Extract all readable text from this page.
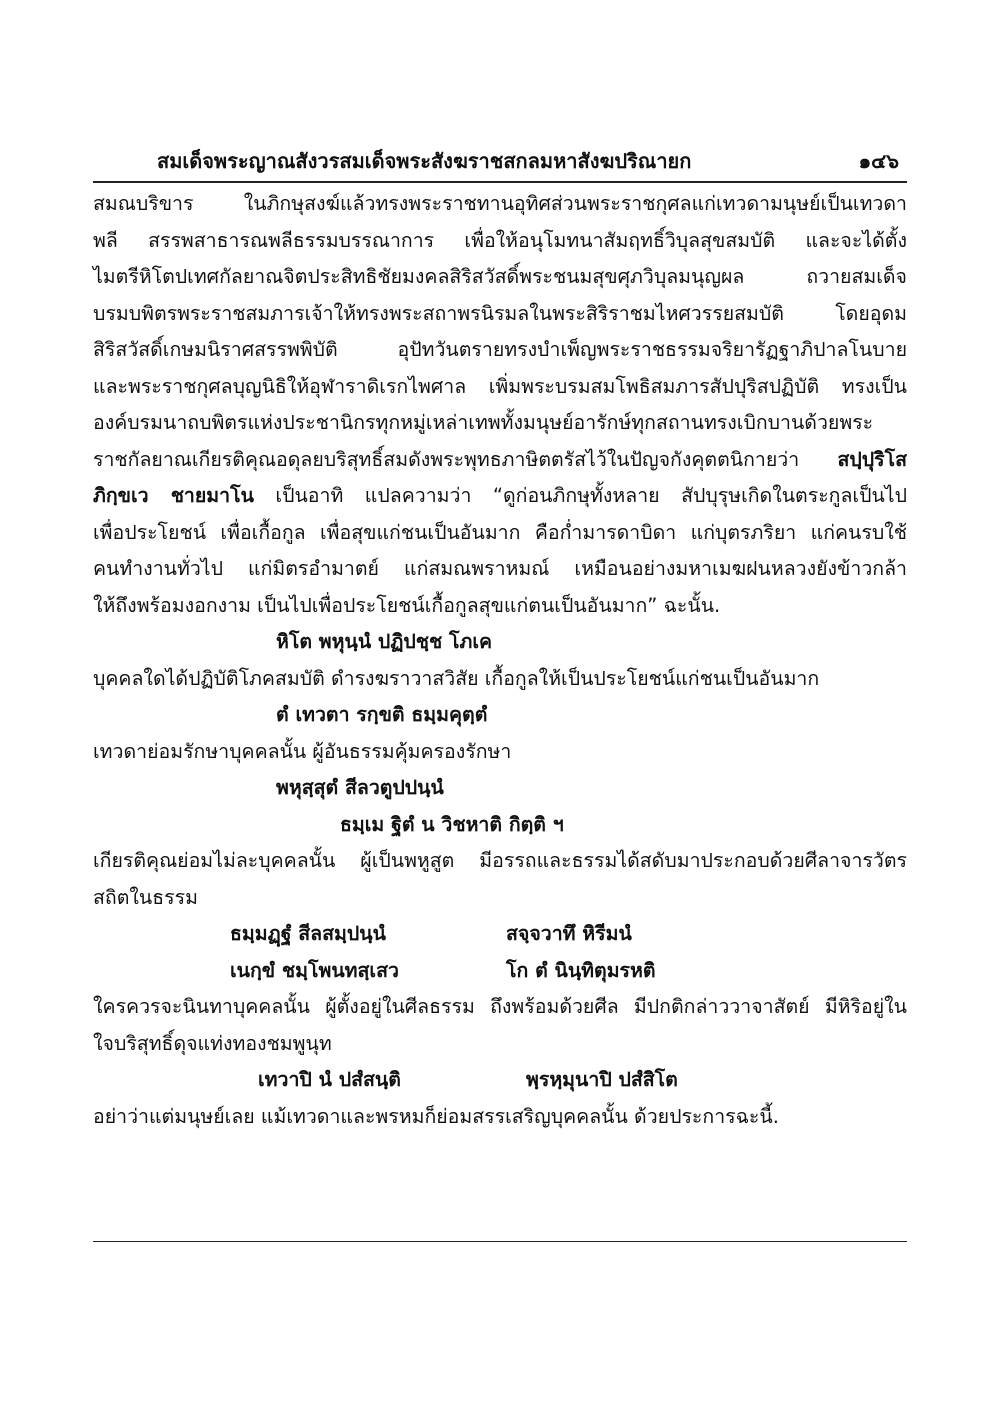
สมเด็จพระญาณสังวรสมเด็จพระสังฆราชสกลมหาสังฆปริณายก	๑๔๖

สมณบริขาร ในภิกษุสงฆ์แล้วทรงพระราชทานอุทิศส่วนพระราชกุศลแก่เทวดามนุษย์เป็นเทวดา

พลี สรรพสาธารณพลีธรรมบรรณาการ เพื่อให้อนุโมทนาสัมฤทธิ์วิบุลสุขสมบัติ และจะได้ตั้ง

ไมตรีหิโตปเทศกัลยาณจิตประสิทธิชัยมงคลสิริสวัสดิ์พระชนมสุขศุภวิบุลมนุญผล ถวายสมเด็จ

บรมบพิตรพระราชสมภารเจ้าให้ทรงพระสถาพรนิรมลในพระสิริราชมไหศวรรยสมบัติ โดยอุดม

สิริสวัสดิ์เกษมนิราศสรรพพิบัติ อุปัทวันตรายทรงบำเพ็ญพระราชธรรมจริยารัฏฐาภิปาลโนบาย

และพระราชกุศลบุญนิธิให้อุฬาราดิเรกไพศาล เพิ่มพระบรมสมโพธิสมภารสัปปุริสปฏิบัติ ทรงเป็น

องค์บรมนาถบพิตรแห่งประชานิกรทุกหมู่เหล่าเทพทั้งมนุษย์อารักษ์ทุกสถานทรงเบิกบานด้วยพระ

ราชกัลยาณเกียรติคุณอดุลยบริสุทธิ์สมดังพระพุทธภาษิตตรัสไว้ในปัญจกังคุตตนิกายว่า สปฺปุริโส

ภิกฺขเว ชายมาโน เป็นอาทิ แปลความว่า “ดูก่อนภิกษุทั้งหลาย สัปบุรุษเกิดในตระกูลเป็นไป

เพื่อประโยชน์ เพื่อเกื้อกูล เพื่อสุขแก่ชนเป็นอันมาก คือก่ำมารดาบิดา แก่บุตรภริยา แก่คนรบใช้

คนทำงานทั่วไป แก่มิตรอำมาตย์ แก่สมณพราหมณ์ เหมือนอย่างมหาเมฆฝนหลวงยังข้าวกล้า

ให้ถึงพร้อมงอกงาม เป็นไปเพื่อประโยชน์เกื้อกูลสุขแก่ตนเป็นอันมาก” ฉะนั้น.

หิโต พหุนฺนํ ปฏิปชฺช โภเค

บุคคลใดได้ปฏิบัติโภคสมบัติ ดำรงฆราวาสวิสัย เกื้อกูลให้เป็นประโยชน์แก่ชนเป็นอันมาก

ตํ เทวตา รกฺขติ ธมฺมคุตฺตํ

เทวดาย่อมรักษาบุคคลนั้น ผู้อันธรรมคุ้มครองรักษา

พหุสฺสุตํ สีลวตูปปนฺนํ
ธมฺเม ฐิตํ น วิชหาติ กิตฺติ ฯ

เกียรติคุณย่อมไม่ละบุคคลนั้น ผู้เป็นพหูสูต มีอรรถและธรรมได้สดับมาประกอบด้วยศีลาจารวัตร

สถิตในธรรม

ธมฺมฏฺฐํ สีลสมฺปนฺนํ	สจฺจวาทึ หิรีมนํ
เนกฺขํ ชมฺโพนทสฺเสว	โก ตํ นินฺทิตุมรหติ

ใครควรจะนินทาบุคคลนั้น ผู้ตั้งอยู่ในศีลธรรม ถึงพร้อมด้วยศีล มีปกติกล่าววาจาสัตย์ มีหิริอยู่ใน

ใจบริสุทธิ์ดุจแท่งทองชมพูนุท

เทวาปิ นํ ปสํสนฺติ	พฺรหฺมุนาปิ ปสํสิโต

อย่าว่าแต่มนุษย์เลย แม้เทวดาและพรหมก็ย่อมสรรเสริญบุคคลนั้น ด้วยประการฉะนี้.
